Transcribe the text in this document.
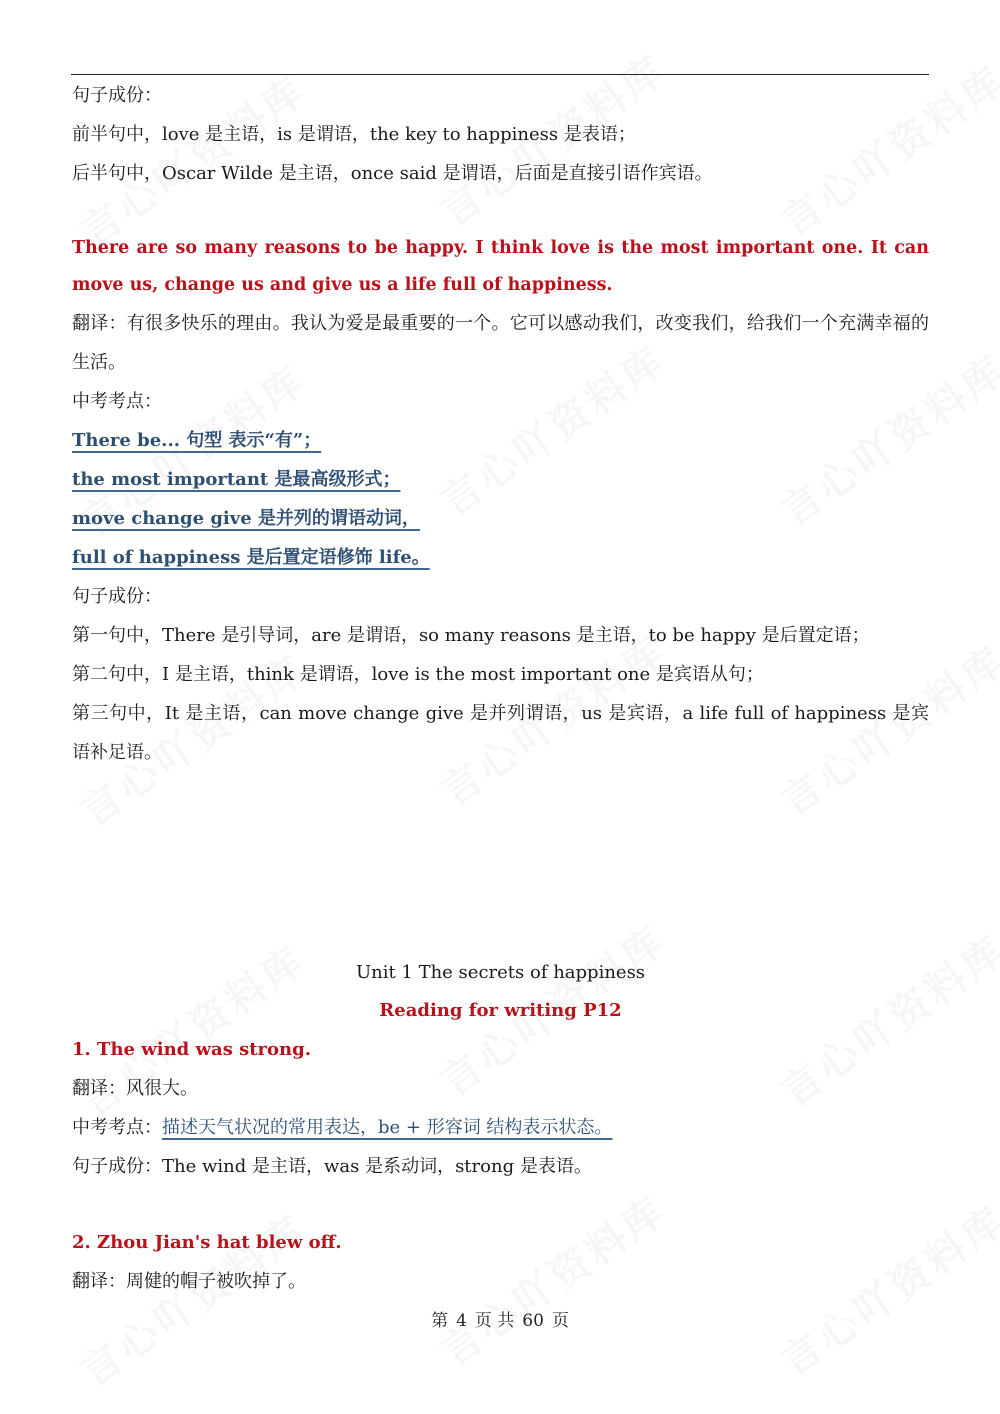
句子成份：
前半句中，love 是主语，is 是谓语，the key to happiness 是表语；
后半句中，Oscar Wilde 是主语，once said 是谓语，后面是直接引语作宾语。
There are so many reasons to be happy. I think love is the most important one. It can move us, change us and give us a life full of happiness.
翻译：有很多快乐的理由。我认为爱是最重要的一个。它可以感动我们，改变我们，给我们一个充满幸福的生活。
中考考点：
There be... 句型 表示“有”；
the most important 是最高级形式；
move change give 是并列的谓语动词，
full of happiness 是后置定语修饰 life。
句子成份：
第一句中，There 是引导词，are 是谓语，so many reasons 是主语，to be happy 是后置定语；
第二句中，I 是主语，think 是谓语，love is the most important one 是宾语从句；
第三句中，It 是主语，can move change give 是并列谓语，us 是宾语，a life full of happiness 是宾语补足语。
Unit 1 The secrets of happiness
Reading for writing P12
1. The wind was strong.
翻译：风很大。
中考考点：描述天气状况的常用表达，be + 形容词 结构表示状态。
句子成份：The wind 是主语，was 是系动词，strong 是表语。
2. Zhou Jian's hat blew off.
翻译：周健的帽子被吹掉了。
第 4 页 共 60 页
